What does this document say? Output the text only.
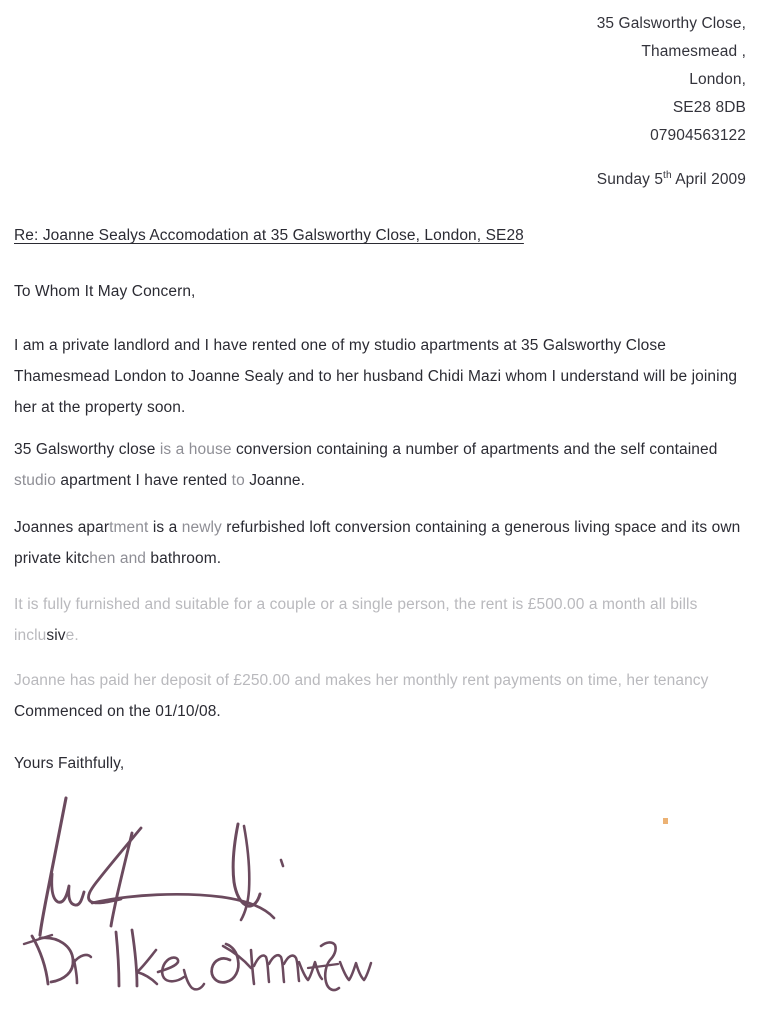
35 Galsworthy Close,
Thamesmead ,
London,
SE28 8DB
07904563122
Sunday 5th April 2009
Re: Joanne Sealys Accomodation at 35 Galsworthy Close, London, SE28
To Whom It May Concern,
I am a private landlord and I have rented one of my studio apartments at 35 Galsworthy Close Thamesmead London to Joanne Sealy and to her husband Chidi Mazi whom I understand will be joining her at the property soon.
35 Galsworthy close is a house conversion containing a number of apartments and the self contained studio apartment I have rented to Joanne.
Joannes apartment is a newly refurbished loft conversion containing a generous living space and its own private kitchen and bathroom.
It is fully furnished and suitable for a couple or a single person, the rent is £500.00 a month all bills inclusive.
Joanne has paid her deposit of £250.00 and makes her monthly rent payments on time, her tenancy Commenced on the 01/10/08.
Yours Faithfully,
